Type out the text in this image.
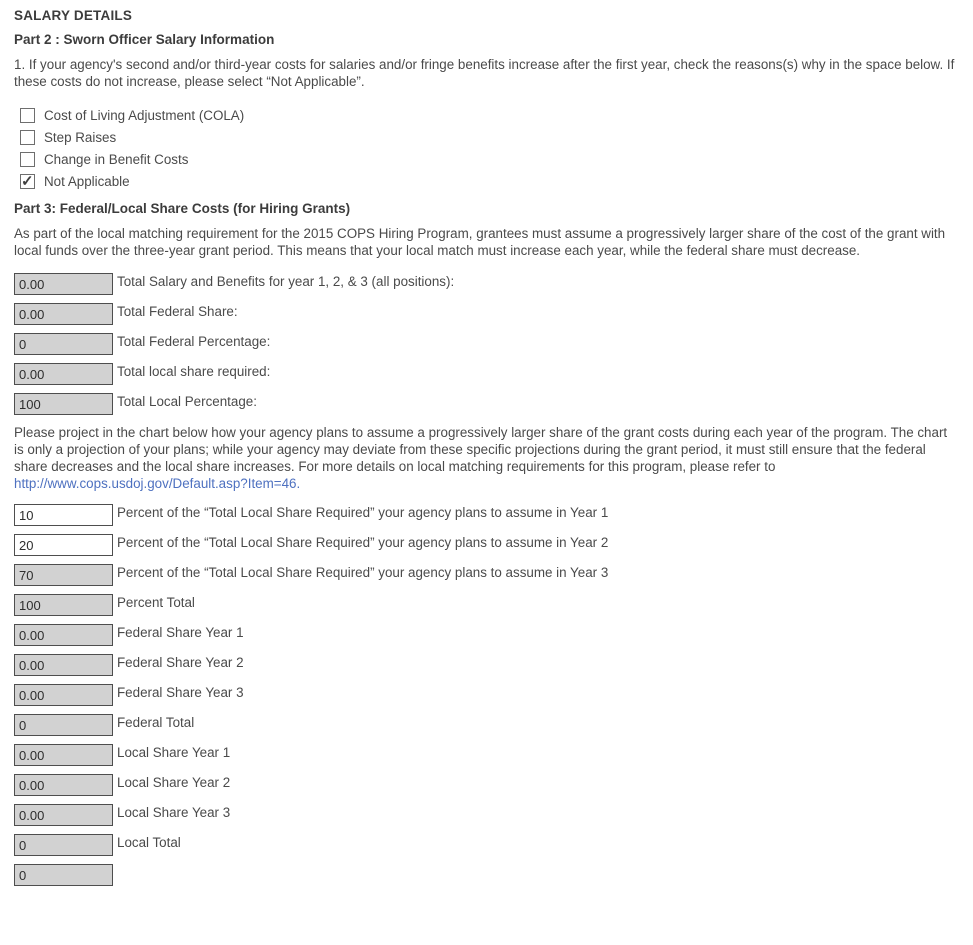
SALARY DETAILS
Part 2 : Sworn Officer Salary Information

1. If your agency's second and/or third-year costs for salaries and/or fringe benefits increase after the first year, check the reasons(s) why in the space below. If these costs do not increase, please select “Not Applicable”.

Cost of Living Adjustment (COLA)
Step Raises
Change in Benefit Costs
✓
Not Applicable
Part 3: Federal/Local Share Costs (for Hiring Grants)

As part of the local matching requirement for the 2015 COPS Hiring Program, grantees must assume a progressively larger share of the cost of the grant with local funds over the three-year grant period. This means that your local match must increase each year, while the federal share must decrease.

0.00
Total Salary and Benefits for year 1, 2, & 3 (all positions):
0.00
Total Federal Share:
0
Total Federal Percentage:
0.00
Total local share required:
100
Total Local Percentage:

Please project in the chart below how your agency plans to assume a progressively larger share of the grant costs during each year of the program. The chart is only a projection of your plans; while your agency may deviate from these specific projections during the grant period, it must still ensure that the federal share decreases and the local share increases. For more details on local matching requirements for this program, please refer to http://www.cops.usdoj.gov/Default.asp?Item=46.

10
Percent of the “Total Local Share Required” your agency plans to assume in Year 1
20
Percent of the “Total Local Share Required” your agency plans to assume in Year 2
70
Percent of the “Total Local Share Required” your agency plans to assume in Year 3
100
Percent Total
0.00
Federal Share Year 1
0.00
Federal Share Year 2
0.00
Federal Share Year 3
0
Federal Total
0.00
Local Share Year 1
0.00
Local Share Year 2
0.00
Local Share Year 3
0
Local Total
0
